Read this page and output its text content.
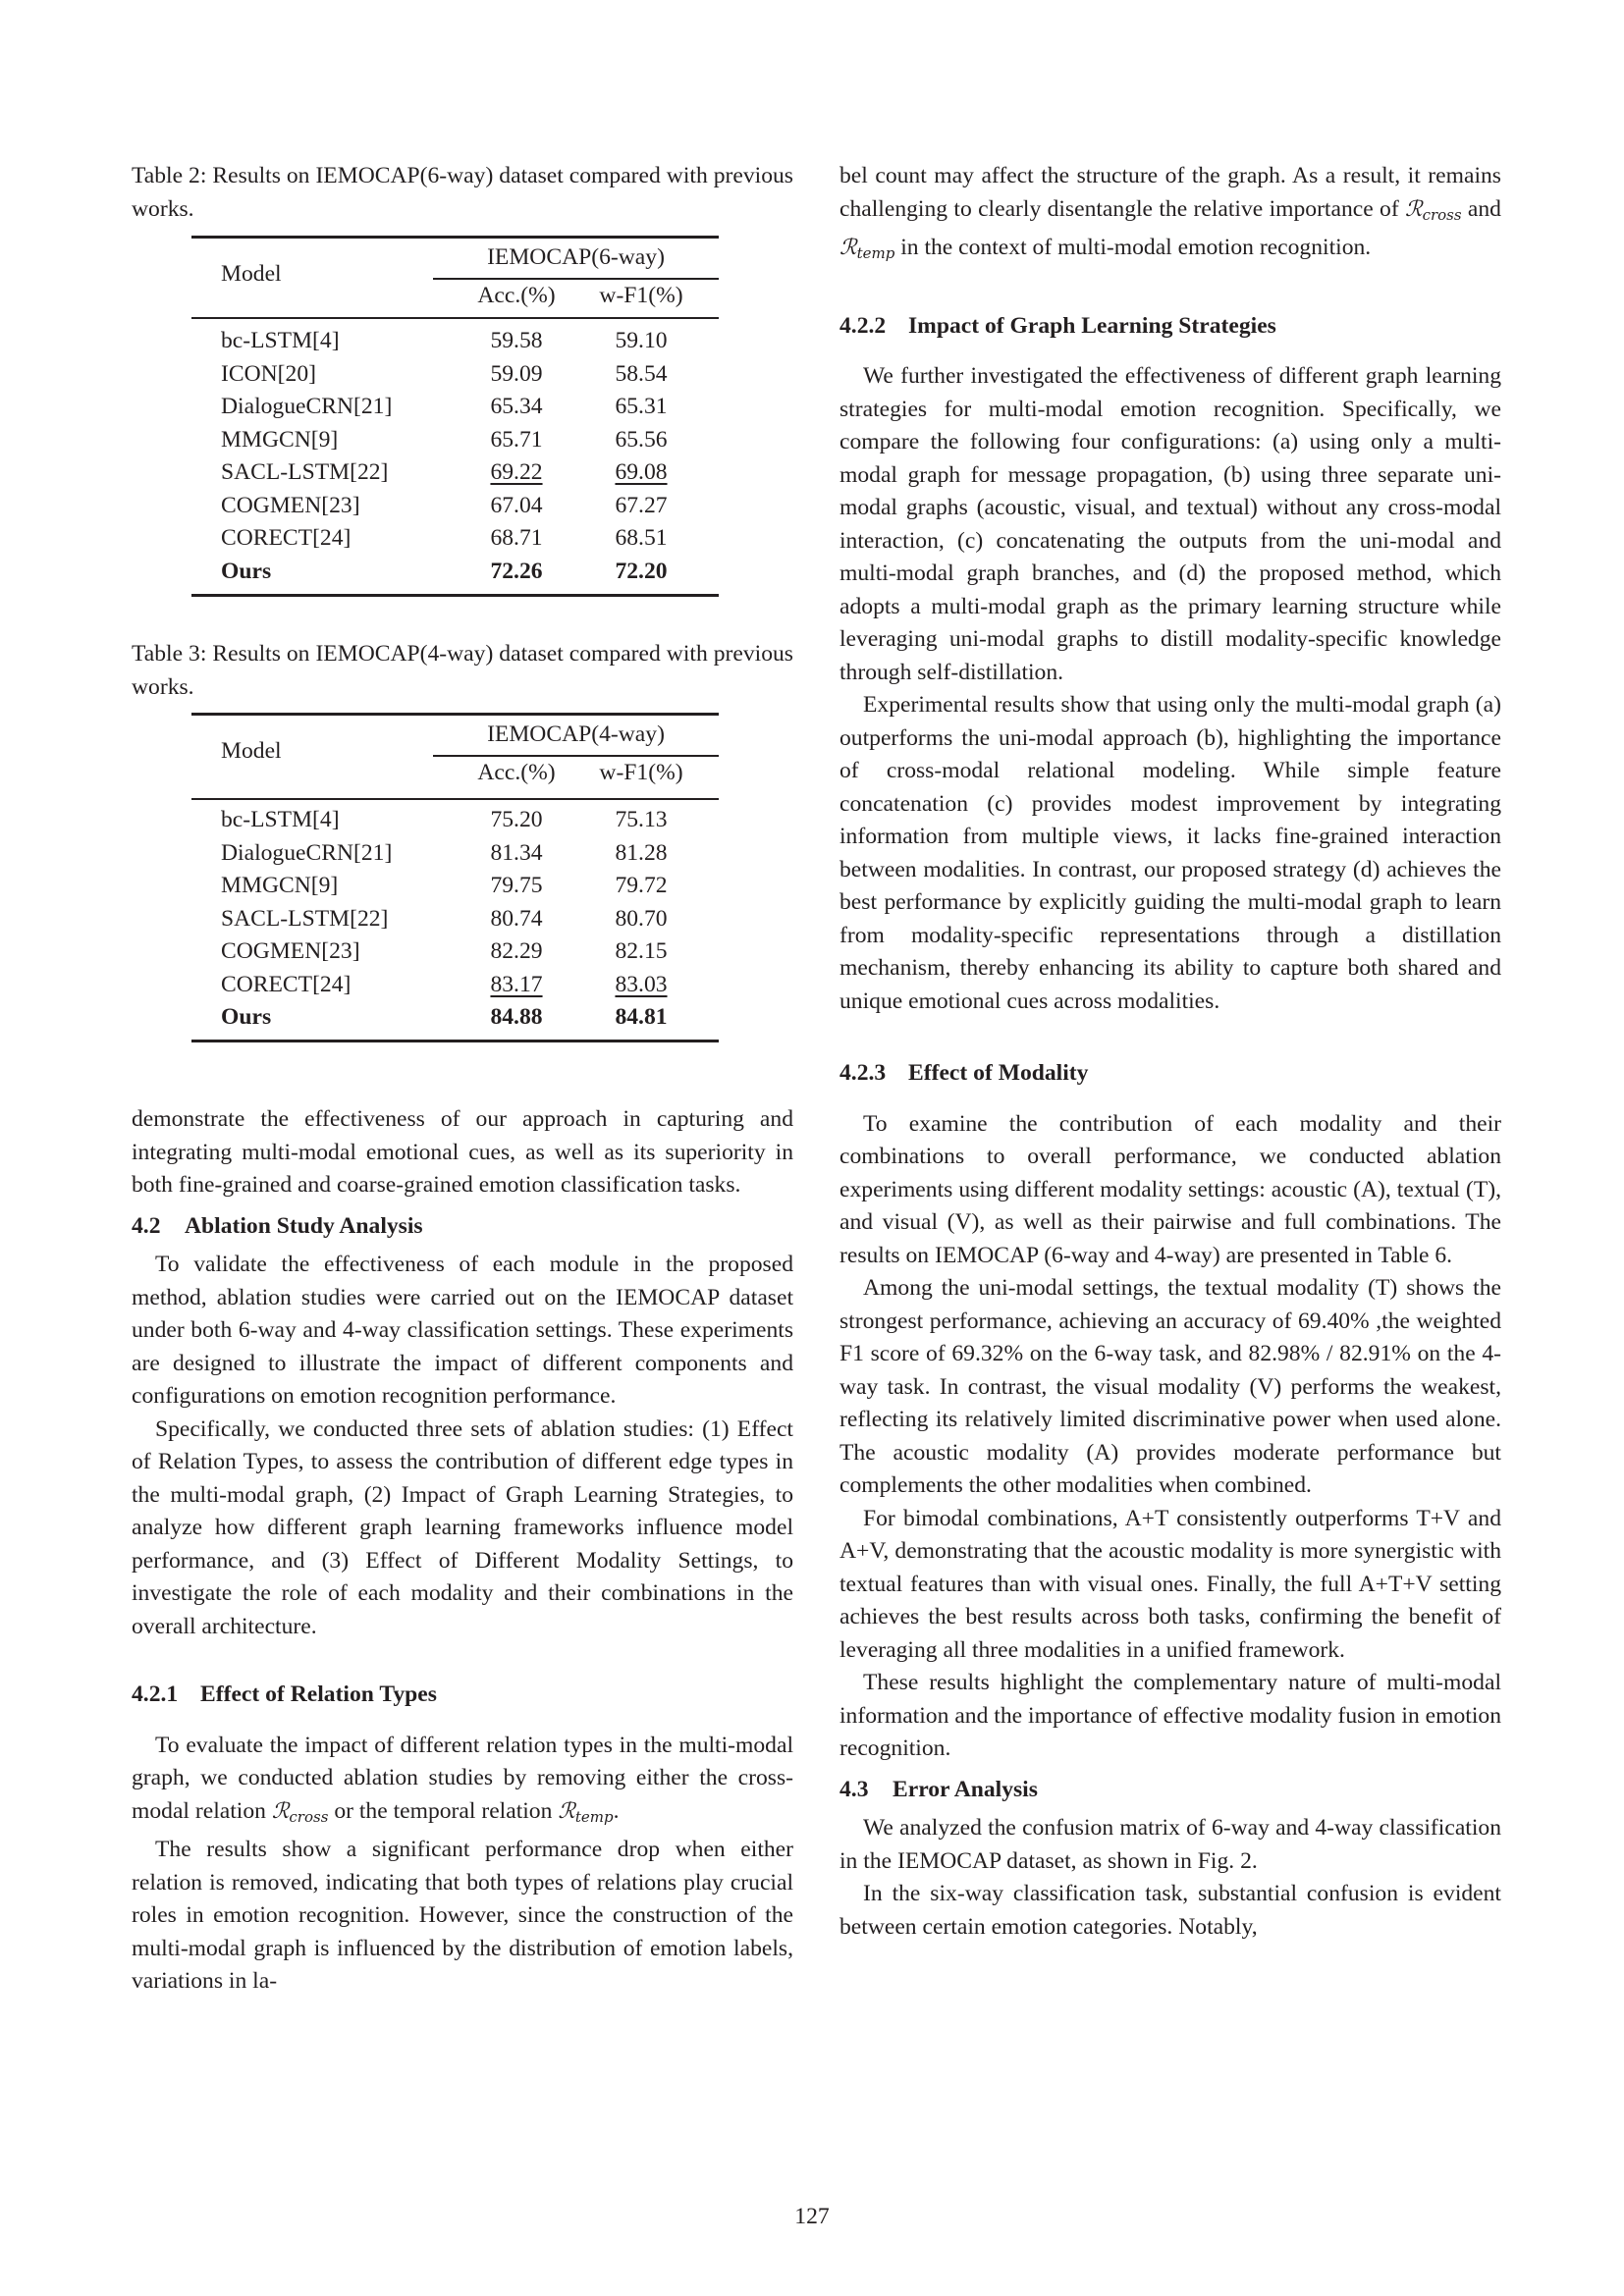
Table 2: Results on IEMOCAP(6-way) dataset compared with previous works.

Model
IEMOCAP(6-way)
Acc.(%)	w-F1(%)
bc-LSTM[4]	59.58	59.10
ICON[20]	59.09	58.54
DialogueCRN[21]	65.34	65.31
MMGCN[9]	65.71	65.56
SACL-LSTM[22]	69.22	69.08
COGMEN[23]	67.04	67.27
CORECT[24]	68.71	68.51
Ours	72.26	72.20

Table 3: Results on IEMOCAP(4-way) dataset compared with previous works.

Model
IEMOCAP(4-way)
Acc.(%)	w-F1(%)
bc-LSTM[4]	75.20	75.13
DialogueCRN[21]	81.34	81.28
MMGCN[9]	79.75	79.72
SACL-LSTM[22]	80.74	80.70
COGMEN[23]	82.29	82.15
CORECT[24]	83.17	83.03
Ours	84.88	84.81

demonstrate the effectiveness of our approach in capturing and integrating multi-modal emotional cues, as well as its superiority in both fine-grained and coarse-grained emotion classification tasks.

4.2 Ablation Study Analysis

To validate the effectiveness of each module in the proposed method, ablation studies were carried out on the IEMOCAP dataset under both 6-way and 4-way classification settings. These experiments are designed to illustrate the impact of different components and configurations on emotion recognition performance.

Specifically, we conducted three sets of ablation studies: (1) Effect of Relation Types, to assess the contribution of different edge types in the multi-modal graph, (2) Impact of Graph Learning Strategies, to analyze how different graph learning frameworks influence model performance, and (3) Effect of Different Modality Settings, to investigate the role of each modality and their combinations in the overall architecture.

4.2.1 Effect of Relation Types

To evaluate the impact of different relation types in the multi-modal graph, we conducted ablation studies by removing either the cross-modal relation ℛ$_{cross}$ or the temporal relation ℛ$_{temp}$.

The results show a significant performance drop when either relation is removed, indicating that both types of relations play crucial roles in emotion recognition. However, since the construction of the multi-modal graph is influenced by the distribution of emotion labels, variations in la-

bel count may affect the structure of the graph. As a result, it remains challenging to clearly disentangle the relative importance of ℛ$_{cross}$ and ℛ$_{temp}$ in the context of multi-modal emotion recognition.

4.2.2 Impact of Graph Learning Strategies

We further investigated the effectiveness of different graph learning strategies for multi-modal emotion recognition. Specifically, we compare the following four configurations: (a) using only a multi-modal graph for message propagation, (b) using three separate uni-modal graphs (acoustic, visual, and textual) without any cross-modal interaction, (c) concatenating the outputs from the uni-modal and multi-modal graph branches, and (d) the proposed method, which adopts a multi-modal graph as the primary learning structure while leveraging uni-modal graphs to distill modality-specific knowledge through self-distillation.

Experimental results show that using only the multi-modal graph (a) outperforms the uni-modal approach (b), highlighting the importance of cross-modal relational modeling. While simple feature concatenation (c) provides modest improvement by integrating information from multiple views, it lacks fine-grained interaction between modalities. In contrast, our proposed strategy (d) achieves the best performance by explicitly guiding the multi-modal graph to learn from modality-specific representations through a distillation mechanism, thereby enhancing its ability to capture both shared and unique emotional cues across modalities.

4.2.3 Effect of Modality

To examine the contribution of each modality and their combinations to overall performance, we conducted ablation experiments using different modality settings: acoustic (A), textual (T), and visual (V), as well as their pairwise and full combinations. The results on IEMOCAP (6-way and 4-way) are presented in Table 6.

Among the uni-modal settings, the textual modality (T) shows the strongest performance, achieving an accuracy of 69.40% ,the weighted F1 score of 69.32% on the 6-way task, and 82.98% / 82.91% on the 4-way task. In contrast, the visual modality (V) performs the weakest, reflecting its relatively limited discriminative power when used alone. The acoustic modality (A) provides moderate performance but complements the other modalities when combined.

For bimodal combinations, A+T consistently outperforms T+V and A+V, demonstrating that the acoustic modality is more synergistic with textual features than with visual ones. Finally, the full A+T+V setting achieves the best results across both tasks, confirming the benefit of leveraging all three modalities in a unified framework.

These results highlight the complementary nature of multi-modal information and the importance of effective modality fusion in emotion recognition.

4.3 Error Analysis

We analyzed the confusion matrix of 6-way and 4-way classification in the IEMOCAP dataset, as shown in Fig. 2.

In the six-way classification task, substantial confusion is evident between certain emotion categories. Notably,

127
